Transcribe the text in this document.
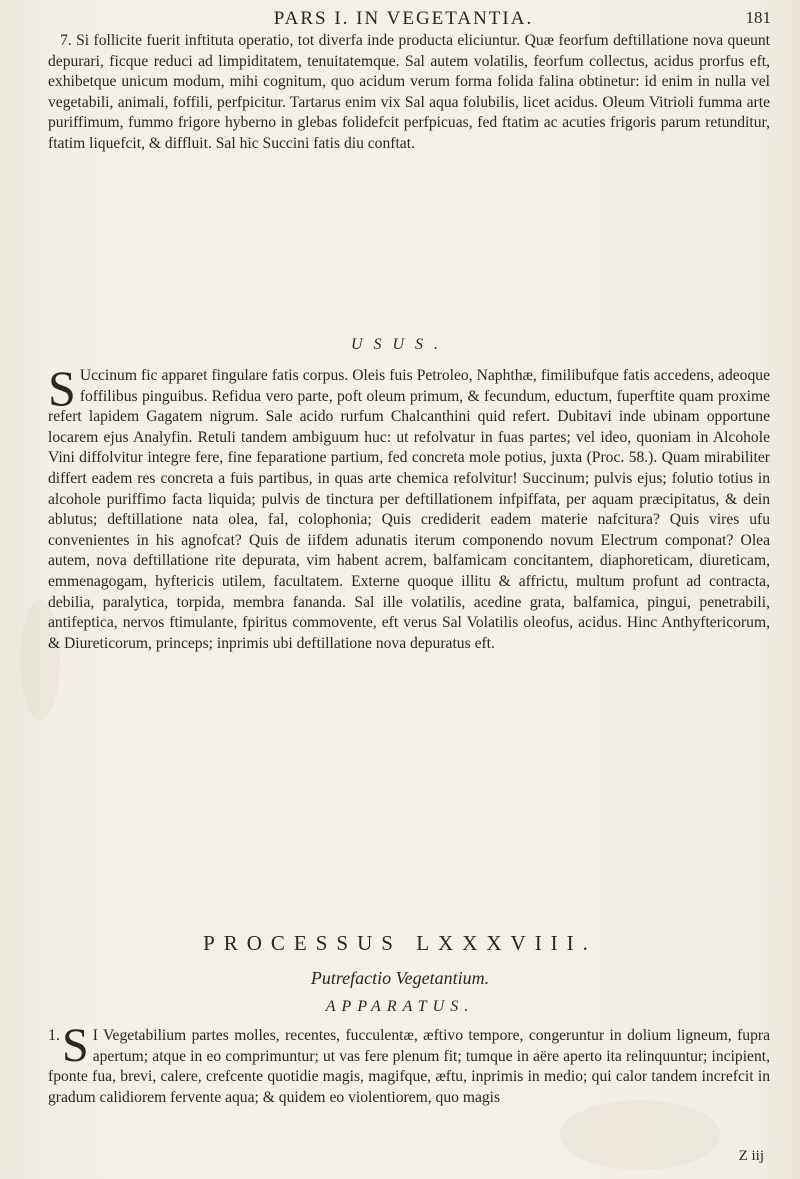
PARS I. IN VEGETANTIA.	181
7. Si follicite fuerit inftituta operatio, tot diverfa inde producta eliciuntur. Quæ feorfum deftillatione nova queunt depurari, ficque reduci ad limpiditatem, tenuitatemque. Sal autem volatilis, feorfum collectus, acidus prorfus eft, exhibetque unicum modum, mihi cognitum, quo acidum verum forma folida falina obtinetur: id enim in nulla vel vegetabili, animali, foffili, perfpicitur. Tartarus enim vix Sal aqua folubilis, licet acidus. Oleum Vitrioli fumma arte puriffimum, fummo frigore hyberno in glebas folidefcit perfpicuas, fed ftatim ac acuties frigoris parum retunditur, ftatim liquefcit, & diffluit. Sal hic Succini fatis diu conftat.
USUS.
S Uccinum fic apparet fingulare fatis corpus. Oleis fuis Petroleo, Naphthæ, fimilibufque fatis accedens, adeoque foffilibus pinguibus. Refidua vero parte, poft oleum primum, & fecundum, eductum, fuperftite quam proxime refert lapidem Gagatem nigrum. Sale acido rurfum Chalcanthini quid refert. Dubitavi inde ubinam opportune locarem ejus Analyfin. Retuli tandem ambiguum huc: ut refolvatur in fuas partes; vel ideo, quoniam in Alcohole Vini diffolvitur integre fere, fine feparatione partium, fed concreta mole potius, juxta (Proc. 58.). Quam mirabiliter differt eadem res concreta a fuis partibus, in quas arte chemica refolvitur! Succinum; pulvis ejus; folutio totius in alcohole puriffimo facta liquida; pulvis de tinctura per deftillationem infpiffata, per aquam præcipitatus, & dein ablutus; deftillatione nata olea, fal, colophonia; Quis crediderit eadem materie nafcitura? Quis vires ufu convenientes in his agnofcat? Quis de iifdem adunatis iterum componendo novum Electrum componat? Olea autem, nova deftillatione rite depurata, vim habent acrem, balfamicam concitantem, diaphoreticam, diureticam, emmenagogam, hyftericis utilem, facultatem. Externe quoque illitu & affrictu, multum profunt ad contracta, debilia, paralytica, torpida, membra fananda. Sal ille volatilis, acedine grata, balfamica, pingui, penetrabili, antifeptica, nervos ftimulante, fpiritus commovente, eft verus Sal Volatilis oleofus, acidus. Hinc Anthyftericorum, & Diureticorum, princeps; inprimis ubi deftillatione nova depuratus eft.
PROCESSUS LXXXVIII.
Putrefactio Vegetantium.
APPARATUS.
1. S I Vegetabilium partes molles, recentes, fucculentæ, æftivo tempore, congeruntur in dolium ligneum, fupra apertum; atque in eo comprimuntur; ut vas fere plenum fit; tumque in aëre aperto ita relinquuntur; incipient, fponte fua, brevi, calere, crefcente quotidie magis, magifque, æftu, inprimis in medio; qui calor tandem increfcit in gradum calidiorem fervente aqua; & quidem eo violentiorem, quo magis
Z iij
